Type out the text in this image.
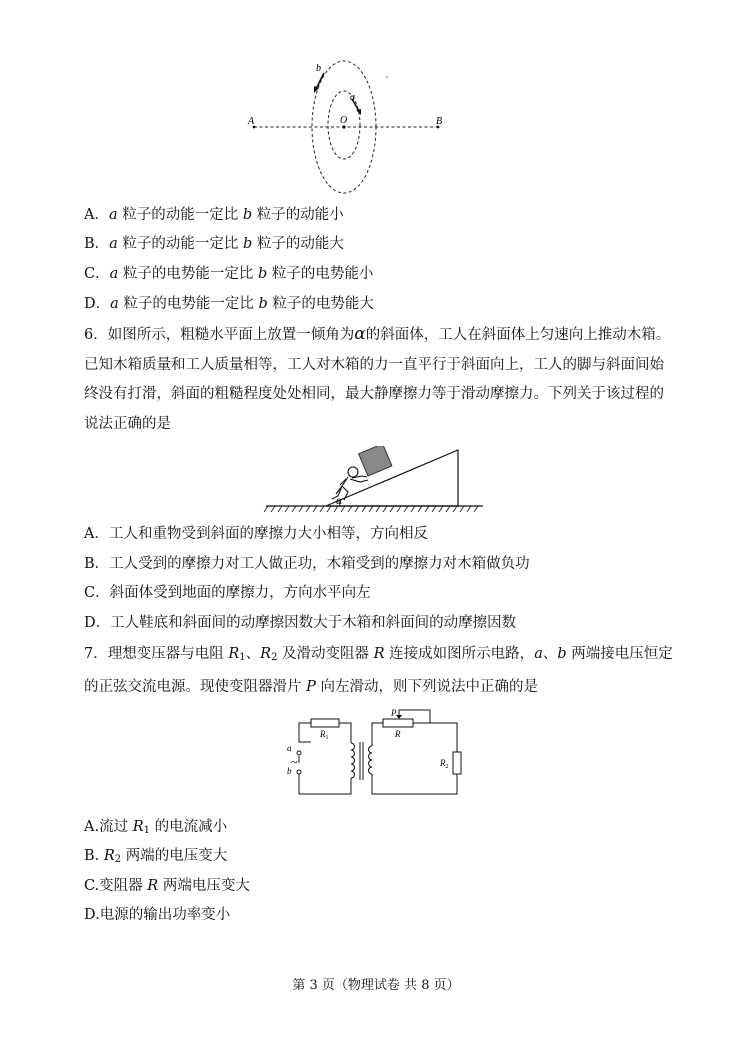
b
a
O
A	B
A．a 粒子的动能一定比 b 粒子的动能小
B．a 粒子的动能一定比 b 粒子的动能大
C．a 粒子的电势能一定比 b 粒子的电势能小
D．a 粒子的电势能一定比 b 粒子的电势能大
6．如图所示，粗糙水平面上放置一倾角为α的斜面体，工人在斜面体上匀速向上推动木箱。已知木箱质量和工人质量相等，工人对木箱的力一直平行于斜面向上，工人的脚与斜面间始终没有打滑，斜面的粗糙程度处处相同，最大静摩擦力等于滑动摩擦力。下列关于该过程的说法正确的是
α
A．工人和重物受到斜面的摩擦力大小相等，方向相反
B．工人受到的摩擦力对工人做正功，木箱受到的摩擦力对木箱做负功
C．斜面体受到地面的摩擦力，方向水平向左
D．工人鞋底和斜面间的动摩擦因数大于木箱和斜面间的动摩擦因数
7．理想变压器与电阻 $R_1$、$R_2$ 及滑动变阻器 R 连接成如图所示电路，a、b 两端接电压恒定的正弦交流电源。现使变阻器滑片 P 向左滑动，则下列说法中正确的是
P
R
$R_1$
$R_2$
a
b
~
A.流过 $R_1$ 的电流减小
B. $R_2$ 两端的电压变大
C.变阻器 R 两端电压变大
D.电源的输出功率变小
第 3 页（物理试卷 共 8 页）
